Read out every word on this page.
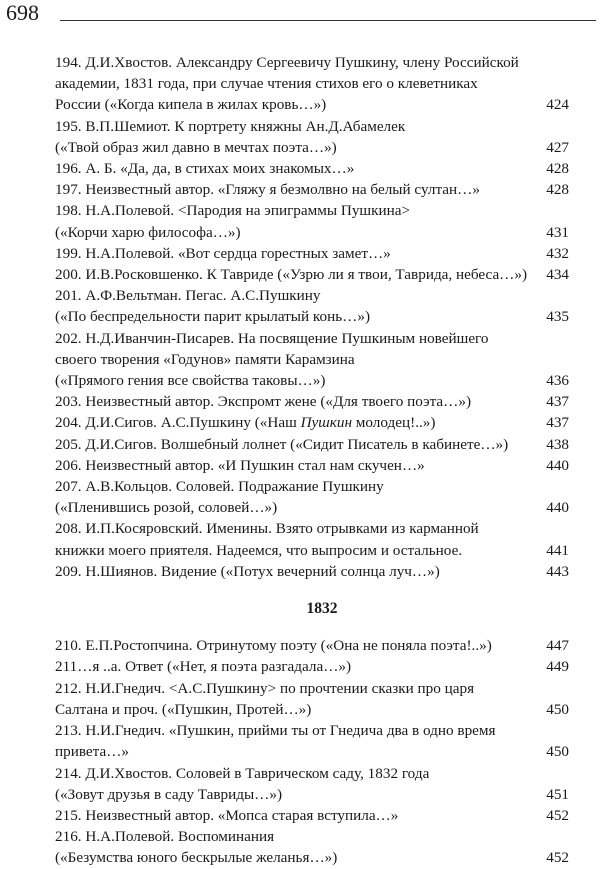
698
194. Д.И.Хвостов. Александру Сергеевичу Пушкину, члену Российской
академии, 1831 года, при случае чтения стихов его о клеветниках
России («Когда кипела в жилах кровь…»)	424
195. В.П.Шемиот. К портрету княжны Ан.Д.Абамелек
(«Твой образ жил давно в мечтах поэта…»)	427
196. А. Б. «Да, да, в стихах моих знакомых…»	428
197. Неизвестный автор. «Гляжу я безмолвно на белый султан…»	428
198. Н.А.Полевой. <Пародия на эпиграммы Пушкина>
(«Корчи харю философа…»)	431
199. Н.А.Полевой. «Вот сердца горестных замет…»	432
200. И.В.Росковшенко. К Тавриде («Узрю ли я твои, Таврида, небеса…»)	434
201. А.Ф.Вельтман. Пегас. А.С.Пушкину
(«По беспредельности парит крылатый конь…»)	435
202. Н.Д.Иванчин-Писарев. На посвящение Пушкиным новейшего
своего творения «Годунов» памяти Карамзина
(«Прямого гения все свойства таковы…»)	436
203. Неизвестный автор. Экспромт жене («Для твоего поэта…»)	437
204. Д.И.Сигов. А.С.Пушкину («Наш Пушкин молодец!..»)	437
205. Д.И.Сигов. Волшебный лолнет («Сидит Писатель в кабинете…»)	438
206. Неизвестный автор. «И Пушкин стал нам скучен…»	440
207. А.В.Кольцов. Соловей. Подражание Пушкину
(«Пленившись розой, соловей…»)	440
208. И.П.Косяровский. Именины. Взято отрывками из карманной
книжки моего приятеля. Надеемся, что выпросим и остальное.	441
209. Н.Шиянов. Видение («Потух вечерний солнца луч…»)	443
1832
210. Е.П.Ростопчина. Отринутому поэту («Она не поняла поэта!..»)	447
211…я ..а. Ответ («Нет, я поэта разгадала…»)	449
212. Н.И.Гнедич. <А.С.Пушкину> по прочтении сказки про царя
Салтана и проч. («Пушкин, Протей…»)	450
213. Н.И.Гнедич. «Пушкин, прийми ты от Гнедича два в одно время
привета…»	450
214. Д.И.Хвостов. Соловей в Таврическом саду, 1832 года
(«Зовут друзья в саду Тавриды…»)	451
215. Неизвестный автор. «Мопса старая вступила…»	452
216. Н.А.Полевой. Воспоминания
(«Безумства юного бескрылые желанья…»)	452
